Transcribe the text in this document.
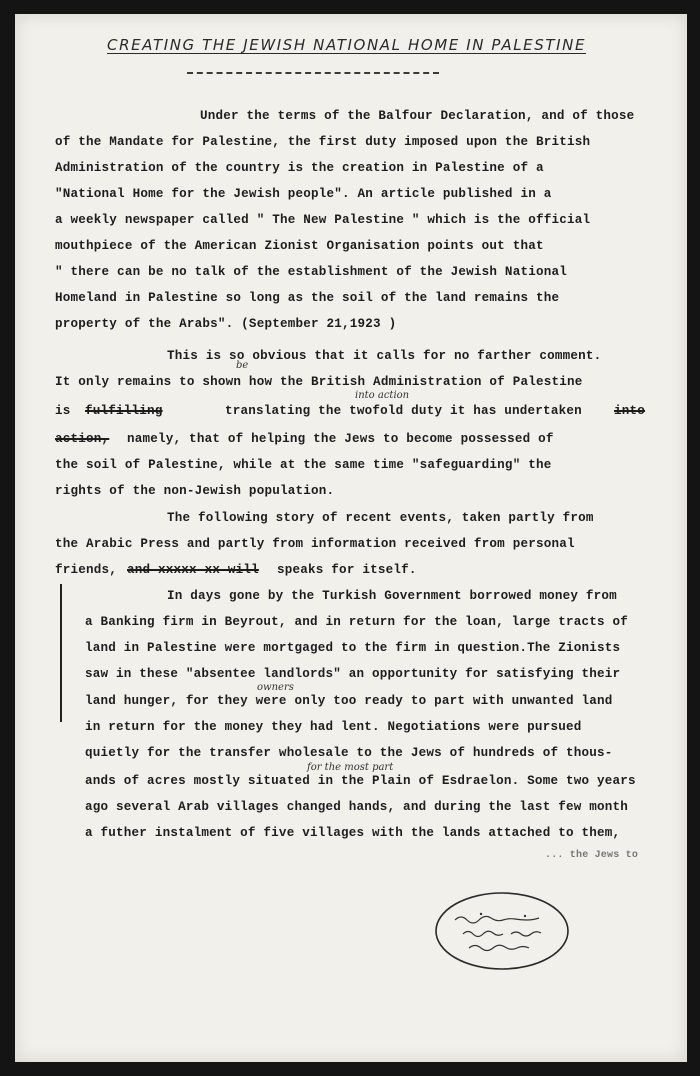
CREATING THE JEWISH NATIONAL HOME IN PALESTINE
Under the terms of the Balfour Declaration, and of those
of the Mandate for Palestine, the first duty imposed upon the British
Administration of the country is the creation in Palestine of a
"National Home for the Jewish people". An article published in a
a weekly newspaper called " The New Palestine " which is the official
mouthpiece of the American Zionist Organisation points out that
" there can be no talk of the establishment of the Jewish National
Homeland in Palestine so long as the soil of the land remains the
property of the Arabs". (September 21,1923 )
This is so obvious that it calls for no farther comment.
be
It only remains to shown how the British Administration of Palestine
into action
is fulfilling	translating the twofold duty it has undertaken	into
action, namely, that of helping the Jews to become possessed of
the soil of Palestine, while at the same time "safeguarding" the
rights of the non-Jewish population.
The following story of recent events, taken partly from
the Arabic Press and partly from information received from personal
friends, and xxxxx xx will speaks for itself.
In days gone by the Turkish Government borrowed money from
a Banking firm in Beyrout, and in return for the loan, large tracts of
land in Palestine were mortgaged to the firm in question.The Zionists
saw in these "absentee landlords" an opportunity for satisfying their
owners
land hunger, for they were only too ready to part with unwanted land
in return for the money they had lent. Negotiations were pursued
quietly for the transfer wholesale to the Jews of hundreds of thous-
for the most part
ands of acres mostly situated in the Plain of Esdraelon. Some two years
ago several Arab villages changed hands, and during the last few month
a futher instalment of five villages with the lands attached to them,
... the Jews to
